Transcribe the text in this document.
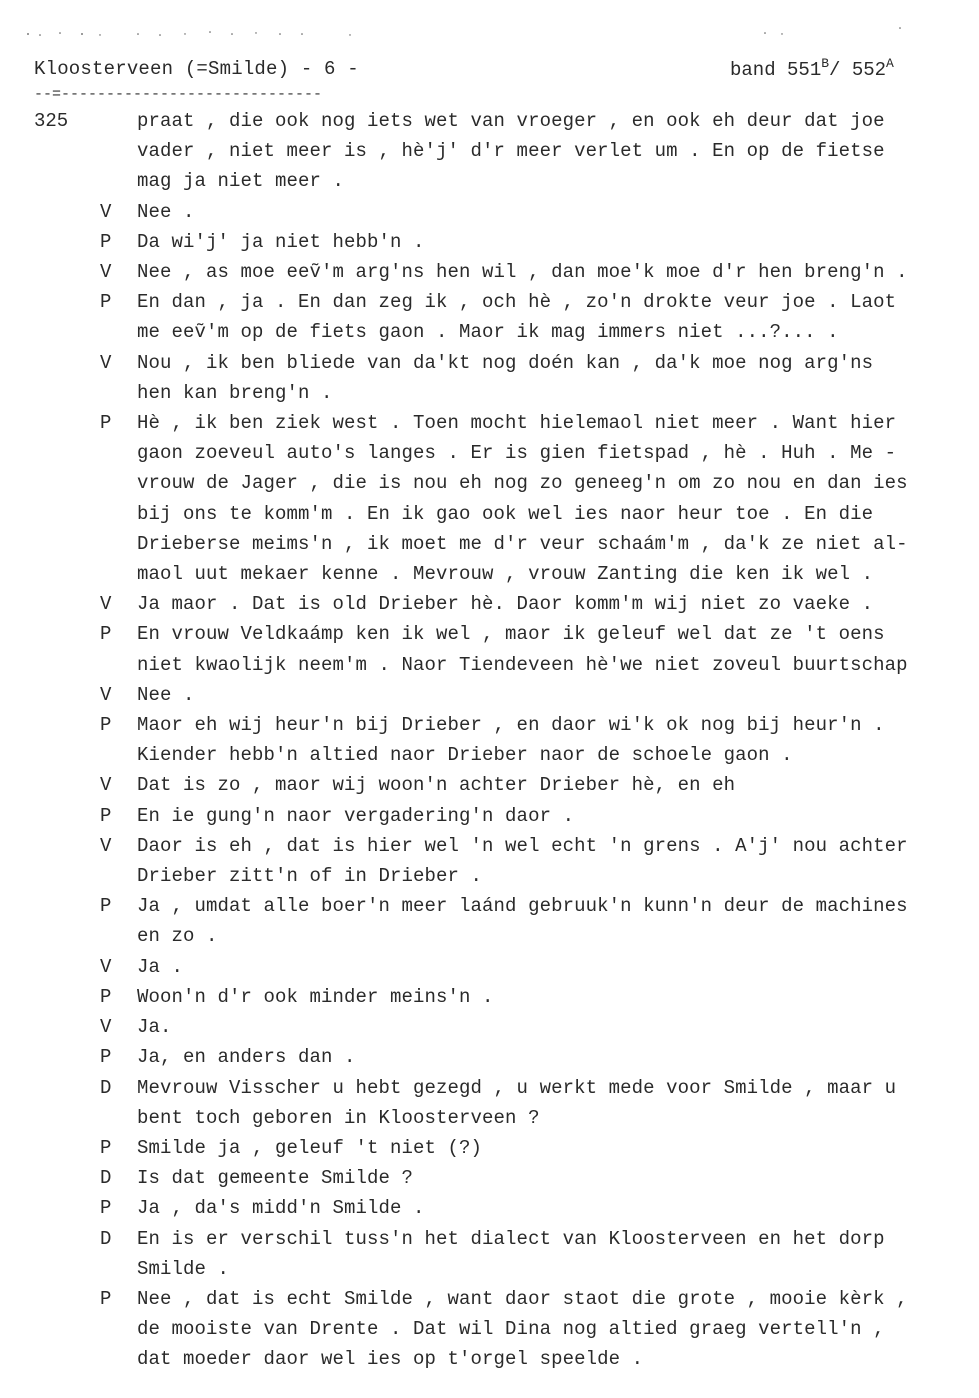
Kloosterveen (=Smilde) - 6 -	band $551^B/$ $552^A$
--=-----------------------------
325	praat , die ook nog iets wet van vroeger , en ook eh deur dat joe
vader , niet meer is , hè'j' d'r meer verlet um . En op de fietse
mag ja niet meer .
V	Nee .
P	Da wi'j' ja niet hebb'n .
V	Nee , as moe eeṽ'm arg'ns hen wil , dan moe'k moe d'r hen breng'n .
P	En dan , ja . En dan zeg ik , och hè , zo'n drokte veur joe . Laot
me eeṽ'm op de fiets gaon . Maor ik mag immers niet ...?... .
V	Nou , ik ben bliede van da'kt nog doén kan , da'k moe nog arg'ns
hen kan breng'n .
P	Hè , ik ben ziek west . Toen mocht hielemaol niet meer . Want hier
gaon zoeveul auto's langes . Er is gien fietspad , hè . Huh . Me -
vrouw de Jager , die is nou eh nog zo geneeg'n om zo nou en dan ies
bij ons te komm'm . En ik gao ook wel ies naor heur toe . En die
Drieberse meims'n , ik moet me d'r veur schaám'm , da'k ze niet al-
maol uut mekaer kenne . Mevrouw , vrouw Zanting die ken ik wel .
V	Ja maor . Dat is old Drieber hè. Daor komm'm wij niet zo vaeke .
P	En vrouw Veldkaámp ken ik wel , maor ik geleuf wel dat ze 't oens
niet kwaolijk neem'm . Naor Tiendeveen hè'we niet zoveul buurtschap
V	Nee .
P	Maor eh wij heur'n bij Drieber , en daor wi'k ok nog bij heur'n .
Kiender hebb'n altied naor Drieber naor de schoele gaon .
V	Dat is zo , maor wij woon'n achter Drieber hè, en eh
P	En ie gung'n naor vergadering'n daor .
V	Daor is eh , dat is hier wel 'n wel echt 'n grens . A'j' nou achter
Drieber zitt'n of in Drieber .
P	Ja , umdat alle boer'n meer laánd gebruuk'n kunn'n deur de machines
en zo .
V	Ja .
P	Woon'n d'r ook minder meins'n .
V	Ja.
P	Ja, en anders dan .
D	Mevrouw Visscher u hebt gezegd , u werkt mede voor Smilde , maar u
bent toch geboren in Kloosterveen ?
P	Smilde ja , geleuf 't niet (?)
D	Is dat gemeente Smilde ?
P	Ja , da's midd'n Smilde .
D	En is er verschil tuss'n het dialect van Kloosterveen en het dorp
Smilde .
P	Nee , dat is echt Smilde , want daor staot die grote , mooie kèrk ,
de mooiste van Drente . Dat wil Dina nog altied graeg vertell'n ,
dat moeder daor wel ies op t'orgel speelde .
